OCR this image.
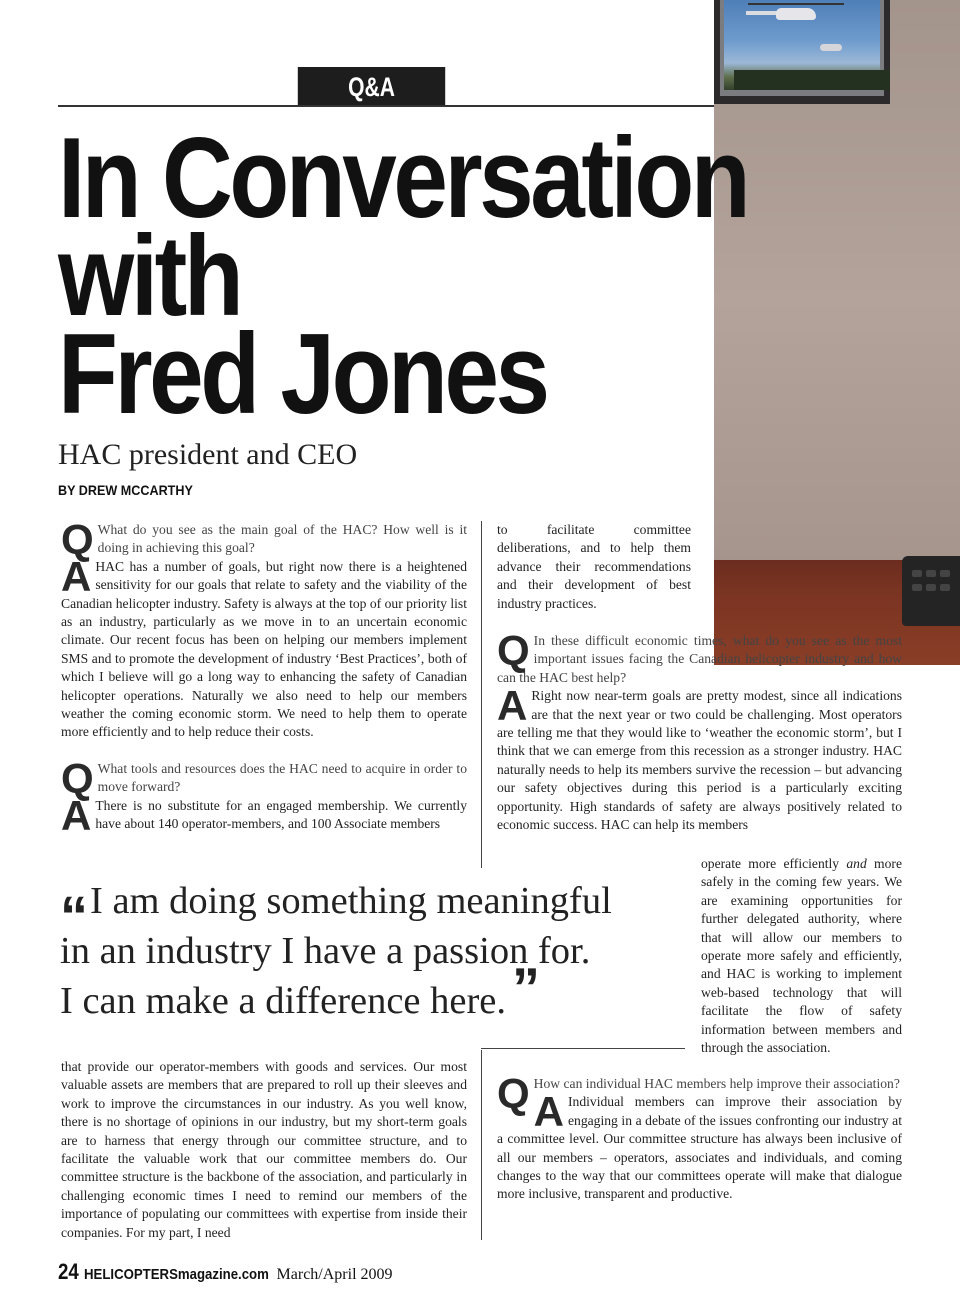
Q&A
In Conversation
with
Fred Jones
HAC president and CEO
BY DREW MCCARTHY

Q What do you see as the main goal of the HAC? How well is it doing in achieving this goal?

AHAC has a number of goals, but right now there is a heightened sensitivity for our goals that relate to safety and the viability of the Canadian helicopter industry. Safety is always at the top of our priority list as an industry, particularly as we move in to an uncertain economic climate. Our recent focus has been on helping our members implement SMS and to promote the development of industry ‘Best Practices’, both of which I believe will go a long way to enhancing the safety of Canadian helicopter operations. Naturally we also need to help our members weather the coming economic storm. We need to help them to operate more efficiently and to help reduce their costs.

Q What tools and resources does the HAC need to acquire in order to move forward?

A There is no substitute for an engaged membership. We currently have about 140 operator-members, and 100 Associate members

to facilitate committee deliberations, and to help them advance their recommendations and their development of best industry practices.

Q In these difficult economic times, what do you see as the most important issues facing the Canadian helicopter industry and how can the HAC best help?

A Right now near-term goals are pretty modest, since all indications are that the next year or two could be challenging. Most operators are telling me that they would like to ‘weather the economic storm’, but I think that we can emerge from this recession as a stronger industry. HAC naturally needs to help its members survive the recession – but advancing our safety objectives during this period is a particularly exciting opportunity. High standards of safety are always positively related to economic success. HAC can help its members

operate more efficiently and more safely in the coming few years. We are examining opportunities for further delegated authority, where that will allow our members to operate more safely and efficiently, and HAC is working to implement web-based technology that will facilitate the flow of safety information between members and through the association.

“I am doing something meaningful

in an industry I have a passion for.

I can make a difference here. ”

that provide our operator-members with goods and services. Our most valuable assets are members that are prepared to roll up their sleeves and work to improve the circumstances in our industry. As you well know, there is no shortage of opinions in our industry, but my short-term goals are to harness that energy through our committee structure, and to facilitate the valuable work that our committee members do. Our committee structure is the backbone of the association, and particularly in challenging economic times I need to remind our members of the importance of populating our committees with expertise from inside their companies. For my part, I need

Q How can individual HAC members help improve their association?

A Individual members can improve their association by engaging in a debate of the issues confronting our industry at a committee level. Our committee structure has always been inclusive of all our members – operators, associates and individuals, and coming changes to the way that our committees operate will make that dialogue more inclusive, transparent and productive.

24 HELICOPTERSmagazine.com March/April 2009
